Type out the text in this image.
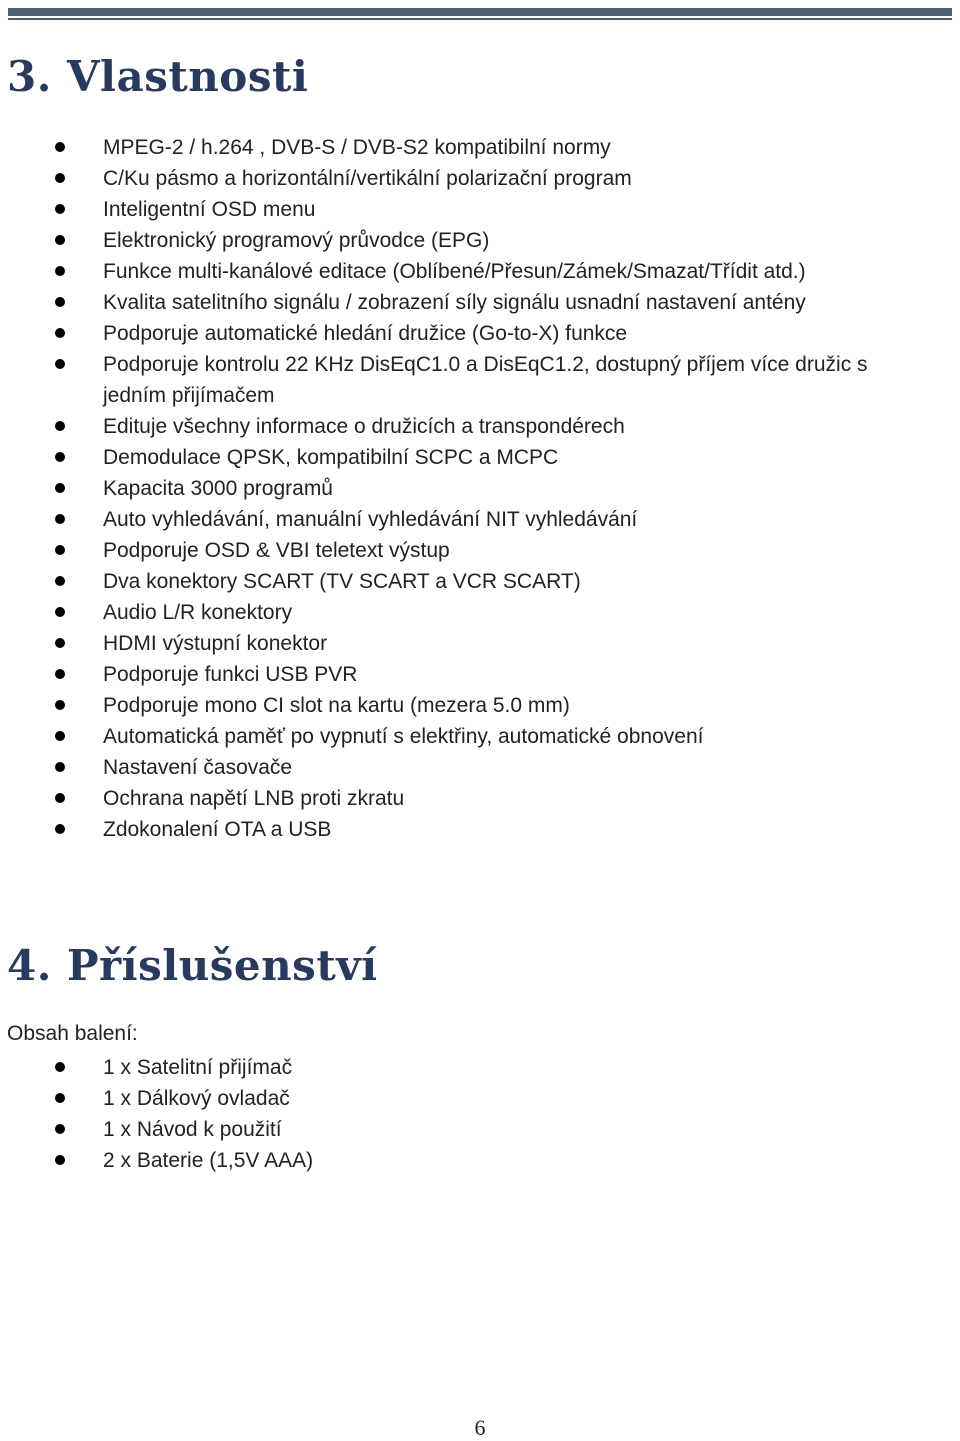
3. Vlastnosti
MPEG-2 / h.264 , DVB-S / DVB-S2 kompatibilní normy
C/Ku pásmo a horizontální/vertikální polarizační program
Inteligentní OSD menu
Elektronický programový průvodce (EPG)
Funkce multi-kanálové editace (Oblíbené/Přesun/Zámek/Smazat/Třídit atd.)
Kvalita satelitního signálu / zobrazení síly signálu usnadní nastavení antény
Podporuje automatické hledání družice (Go-to-X) funkce
Podporuje kontrolu 22 KHz DisEqC1.0 a DisEqC1.2, dostupný příjem více družic s jedním přijímačem
Edituje všechny informace o družicích a transpondérech
Demodulace QPSK, kompatibilní SCPC a MCPC
Kapacita 3000 programů
Auto vyhledávání, manuální vyhledávání NIT vyhledávání
Podporuje OSD & VBI teletext výstup
Dva konektory SCART (TV SCART a VCR SCART)
Audio L/R konektory
HDMI výstupní konektor
Podporuje funkci USB PVR
Podporuje mono CI slot na kartu (mezera 5.0 mm)
Automatická paměť po vypnutí s elektřiny, automatické obnovení
Nastavení časovače
Ochrana napětí LNB proti zkratu
Zdokonalení OTA a USB
4. Příslušenství

Obsah balení:

1 x Satelitní přijímač
1 x Dálkový ovladač
1 x Návod k použití
2 x Baterie (1,5V AAA)
6
